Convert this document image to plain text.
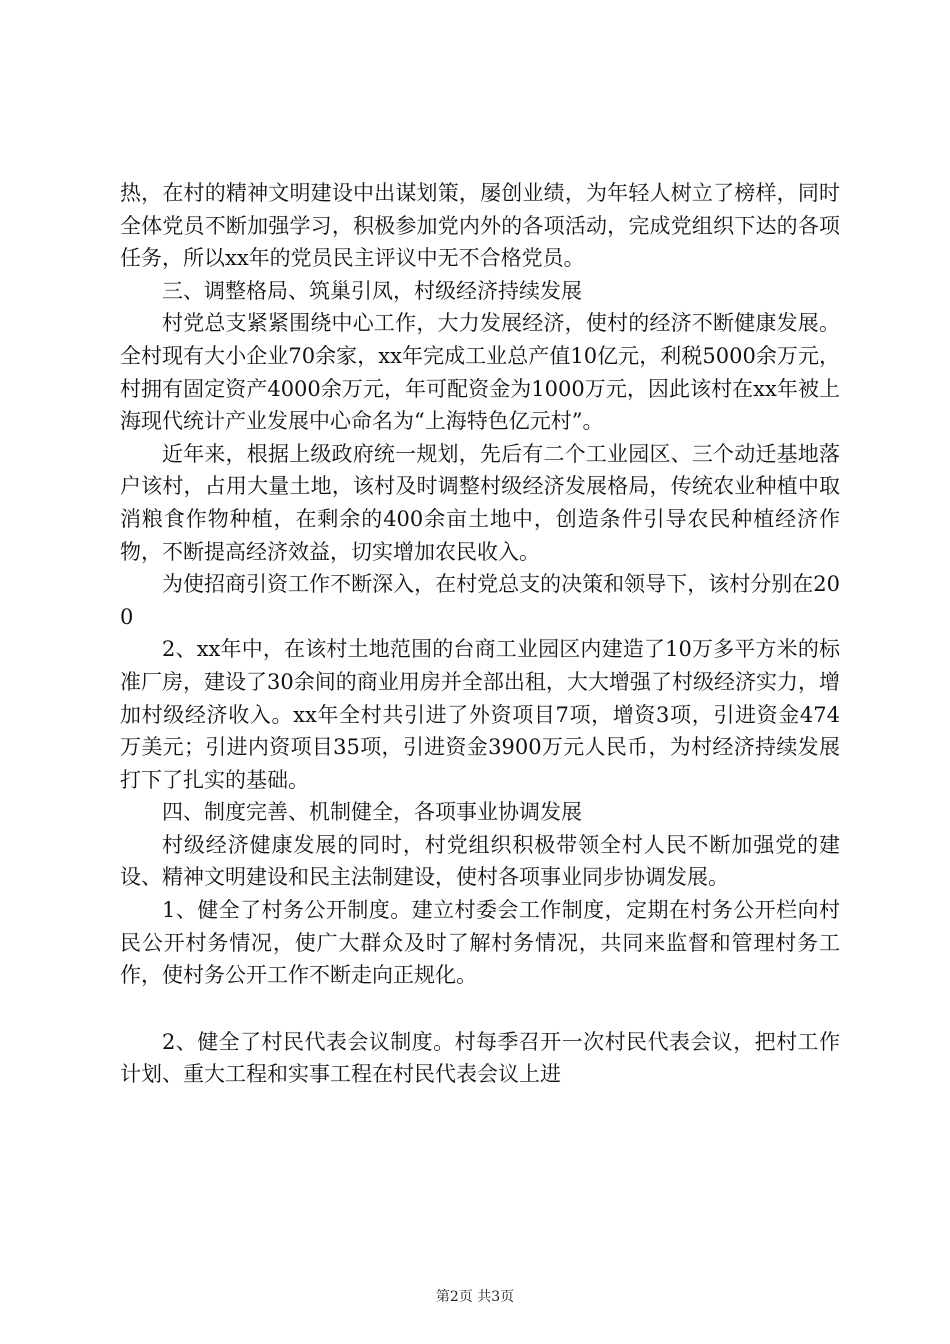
热，在村的精神文明建设中出谋划策，屡创业绩，为年轻人树立了榜样，同时全体党员不断加强学习，积极参加党内外的各项活动，完成党组织下达的各项任务，所以xx年的党员民主评议中无不合格党员。

三、调整格局、筑巢引凤，村级经济持续发展

村党总支紧紧围绕中心工作，大力发展经济，使村的经济不断健康发展。全村现有大小企业70余家，xx年完成工业总产值10亿元，利税5000余万元，村拥有固定资产4000余万元，年可配资金为1000万元，因此该村在xx年被上海现代统计产业发展中心命名为“上海特色亿元村”。

近年来，根据上级政府统一规划，先后有二个工业园区、三个动迁基地落户该村，占用大量土地，该村及时调整村级经济发展格局，传统农业种植中取消粮食作物种植，在剩余的400余亩土地中，创造条件引导农民种植经济作物，不断提高经济效益，切实增加农民收入。

为使招商引资工作不断深入，在村党总支的决策和领导下，该村分别在200

2、xx年中，在该村土地范围的台商工业园区内建造了10万多平方米的标准厂房，建设了30余间的商业用房并全部出租，大大增强了村级经济实力，增加村级经济收入。xx年全村共引进了外资项目7项，增资3项，引进资金474万美元；引进内资项目35项，引进资金3900万元人民币，为村经济持续发展打下了扎实的基础。

四、制度完善、机制健全，各项事业协调发展

村级经济健康发展的同时，村党组织积极带领全村人民不断加强党的建设、精神文明建设和民主法制建设，使村各项事业同步协调发展。

1、健全了村务公开制度。建立村委会工作制度，定期在村务公开栏向村民公开村务情况，使广大群众及时了解村务情况，共同来监督和管理村务工作，使村务公开工作不断走向正规化。

2、健全了村民代表会议制度。村每季召开一次村民代表会议，把村工作计划、重大工程和实事工程在村民代表会议上进

第2页 共3页
